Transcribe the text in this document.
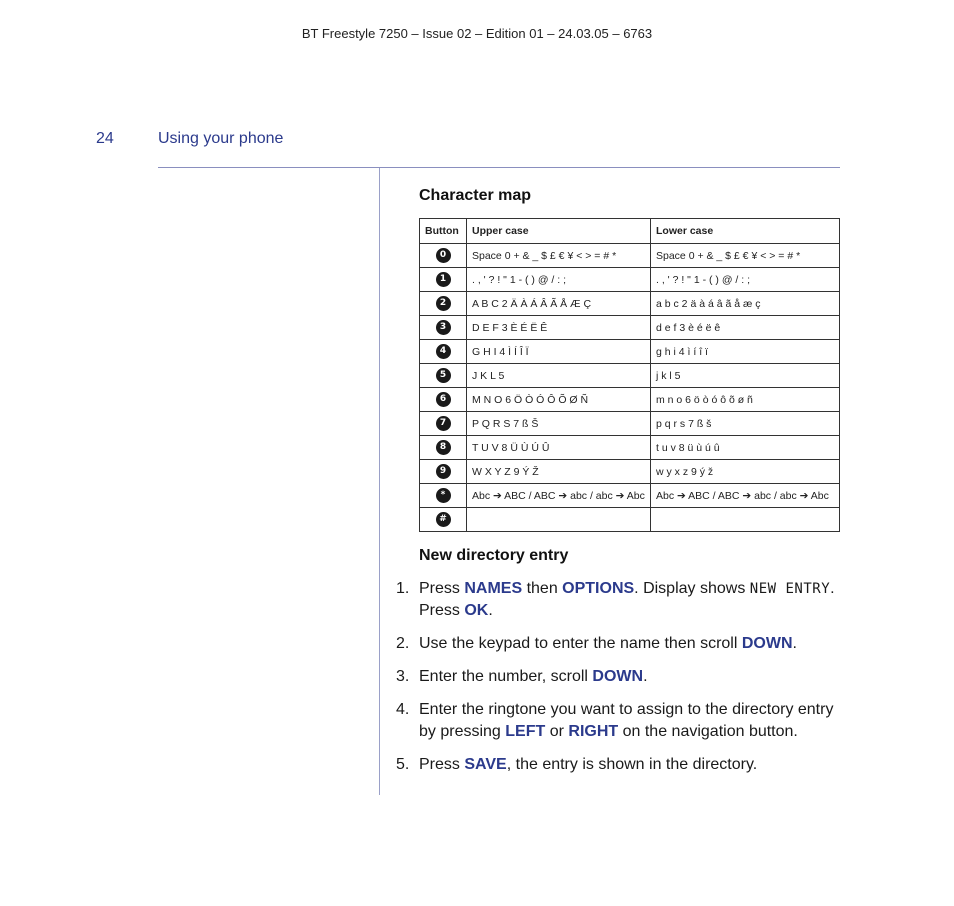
BT Freestyle 7250 – Issue 02 – Edition 01 – 24.03.05 – 6763
24	Using your phone
Character map
Button	Upper case	Lower case
0	Space 0 + & _ $ £ € ¥ < > = # *	Space 0 + & _ $ £ € ¥ < > = # *
1	. , ' ? ! " 1 - ( ) @ / : ;	. , ' ? ! " 1 - ( ) @ / : ;
2	A B C 2 Ä À Á Â Ã Å Æ Ç	a b c 2 ä à á â ã å æ ç
3	D E F 3 È É Ë Ê	d e f 3 è é ë ê
4	G H I 4 Ì Í Î Ï	g h i 4 ì í î ï
5	J K L 5	j k l 5
6	M N O 6 Ö Ò Ó Ô Õ Ø Ñ	m n o 6 ö ò ó ô õ ø ñ
7	P Q R S 7 ß Š	p q r s 7 ß š
8	T U V 8 Ü Ù Ú Û	t u v 8 ü ù ú û
9	W X Y Z 9 Ý Ž	w y x z 9 ý ž
*	Abc ➔ ABC / ABC ➔ abc / abc ➔ Abc	Abc ➔ ABC / ABC ➔ abc / abc ➔ Abc
#		
New directory entry
1. Press NAMES then OPTIONS. Display shows NEW ENTRY. Press OK.
2. Use the keypad to enter the name then scroll DOWN.
3. Enter the number, scroll DOWN.
4. Enter the ringtone you want to assign to the directory entry by pressing LEFT or RIGHT on the navigation button.
5. Press SAVE, the entry is shown in the directory.
